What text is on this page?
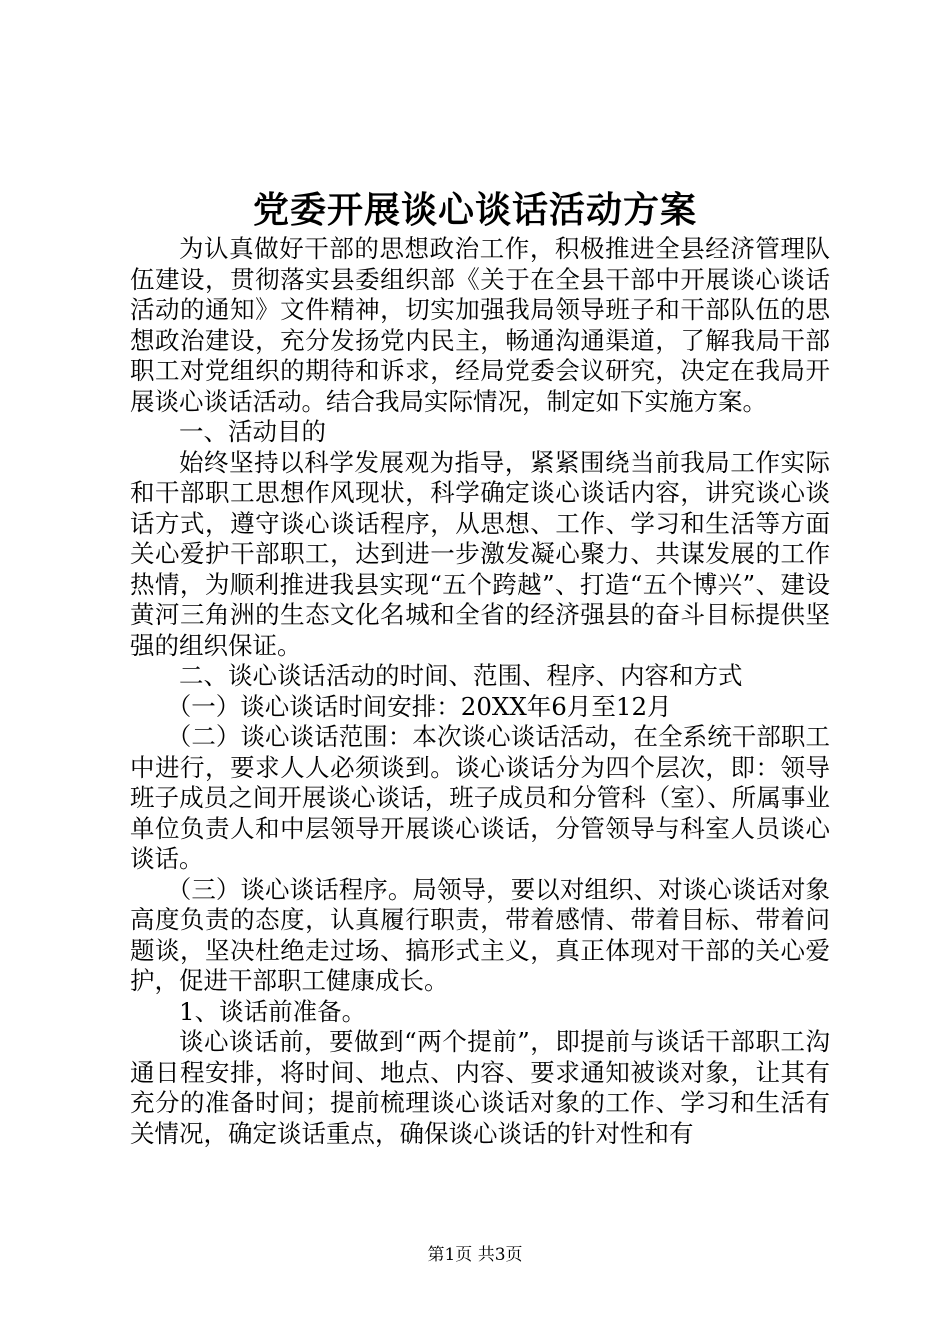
党委开展谈心谈话活动方案

为认真做好干部的思想政治工作，积极推进全县经济管理队伍建设，贯彻落实县委组织部《关于在全县干部中开展谈心谈话活动的通知》文件精神，切实加强我局领导班子和干部队伍的思想政治建设，充分发扬党内民主，畅通沟通渠道，了解我局干部职工对党组织的期待和诉求，经局党委会议研究，决定在我局开展谈心谈话活动。结合我局实际情况，制定如下实施方案。

一、活动目的

始终坚持以科学发展观为指导，紧紧围绕当前我局工作实际和干部职工思想作风现状，科学确定谈心谈话内容，讲究谈心谈话方式，遵守谈心谈话程序，从思想、工作、学习和生活等方面关心爱护干部职工，达到进一步激发凝心聚力、共谋发展的工作热情，为顺利推进我县实现“五个跨越”、打造“五个博兴”、建设黄河三角洲的生态文化名城和全省的经济强县的奋斗目标提供坚强的组织保证。

二、谈心谈话活动的时间、范围、程序、内容和方式

（一）谈心谈话时间安排：20XX年6月至12月

（二）谈心谈话范围：本次谈心谈话活动，在全系统干部职工中进行，要求人人必须谈到。谈心谈话分为四个层次，即：领导班子成员之间开展谈心谈话，班子成员和分管科（室）、所属事业单位负责人和中层领导开展谈心谈话，分管领导与科室人员谈心谈话。

（三）谈心谈话程序。局领导，要以对组织、对谈心谈话对象高度负责的态度，认真履行职责，带着感情、带着目标、带着问题谈，坚决杜绝走过场、搞形式主义，真正体现对干部的关心爱护，促进干部职工健康成长。

1、谈话前准备。

谈心谈话前，要做到“两个提前”，即提前与谈话干部职工沟通日程安排，将时间、地点、内容、要求通知被谈对象，让其有充分的准备时间；提前梳理谈心谈话对象的工作、学习和生活有关情况，确定谈话重点，确保谈心谈话的针对性和有

第1页 共3页
